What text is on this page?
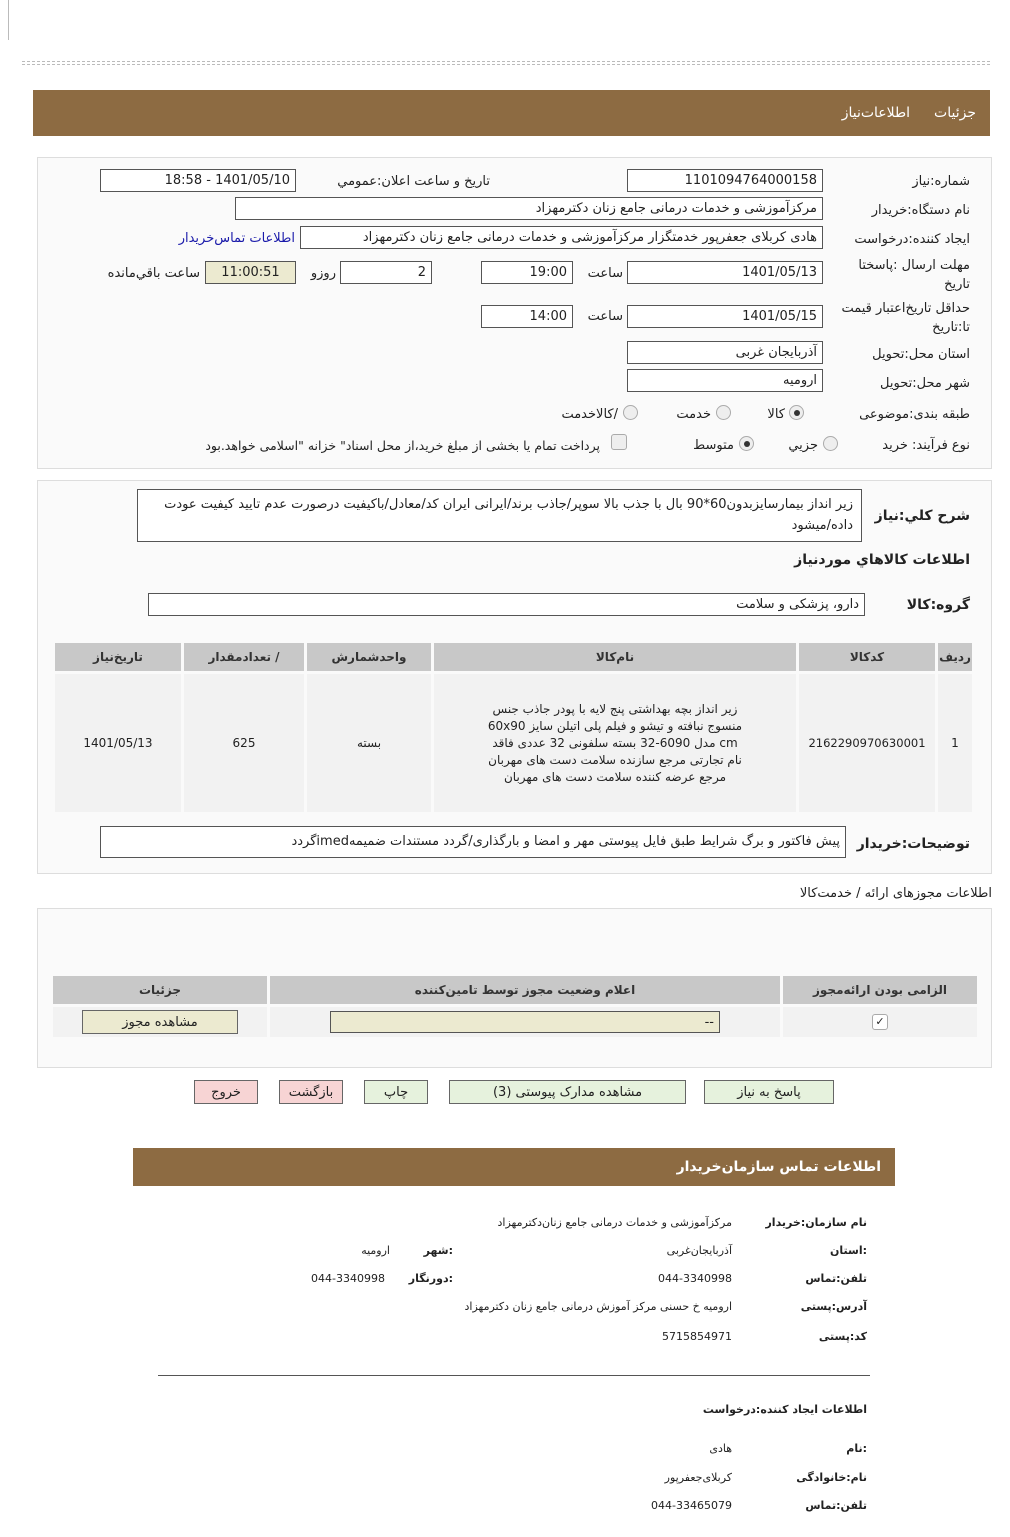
جزئیات
اطلاعات‌نیاز
شماره:نیاز
1101094764000158
تاریخ و ساعت اعلان:عمومي
1401/05/10 - 18:58
نام دستگاه:خریدار
مرکزآموزشی و خدمات درمانی جامع زنان دکترمهزاد
ایجاد کننده:درخواست
هادی کربلای جعفرپور خدمتگزار مرکزآموزشی و خدمات درمانی جامع زنان دکترمهزاد
اطلاعات تماس‌خریدار
مهلت ارسال :پاسختا تاریخ
1401/05/13
ساعت
19:00
2
روزو
11:00:51
ساعت باقي‌مانده
حداقل تاریخ‌اعتبار قیمت تا:تاریخ
1401/05/15
ساعت
14:00
استان محل:تحویل
آذربایجان غربی
شهر محل:تحویل
ارومیه
طبقه بندی:موضوعی
کالا
خدمت
/کالاخدمت
نوع فرآیند: خرید
جزيي
متوسط
پرداخت تمام یا بخشی از مبلغ خرید،از محل اسناد" خزانه "اسلامی خواهد.بود
شرح کلي:نیاز
زیر انداز بیمارسایزبدون60*90 بال با جذب بالا سوپر/جاذب برند/ایرانی ایران کد/معادل/باکیفیت درصورت عدم تایید کیفیت عودت داده/میشود
اطلاعات کالاهاي موردنیاز
گروه:کالا
دارو، پزشکی و سلامت
ردیف	کدکالا	نام‌کالا	واحدشمارش	/ تعدادمقدار	تاریخ‌نیاز
1	2162290970630001	زیر انداز بچه بهداشتی پنج لایه با پودر جاذب جنس منسوج نبافته و تیشو و فیلم پلی اتیلن سایز 60x90 cm مدل 6090-32 بسته سلفونی 32 عددی فاقد نام تجارتی مرجع سازنده سلامت دست های مهربان مرجع عرضه کننده سلامت دست های مهربان	بسته	625	1401/05/13
توضیحات:خریدار
پیش فاکتور و برگ شرایط طبق فایل پیوستی مهر و امضا و بارگذاری/گردد مستندات ضمیمهimedگردد
اطلاعات مجوزهای ارائه / خدمت‌کالا
الزامی بودن ارائه‌مجوز	اعلام وضعیت مجوز توسط تامین‌کننده	جزئیات
✓	--	مشاهده مجوز
پاسخ به نیاز
مشاهده مدارک پیوستی (3)
چاپ
بازگشت
خروج
اطلاعات تماس سازمان‌خریدار
نام سازمان:خریدار
مرکزآموزشی و خدمات درمانی جامع زنان‌دکترمهزاد
:استان
آذربایجان‌غربی
:شهر
ارومیه
تلفن:تماس
044-3340998
:دورنگار
044-3340998
آدرس:پستی
ارومیه خ حسنی مرکز آموزش درمانی جامع زنان دکترمهزاد
کد:پستی
5715854971
اطلاعات ایجاد کننده:درخواست
:نام
هادی
نام:خانوادگی
کربلای‌جعفرپور
تلفن:تماس
044-33465079
